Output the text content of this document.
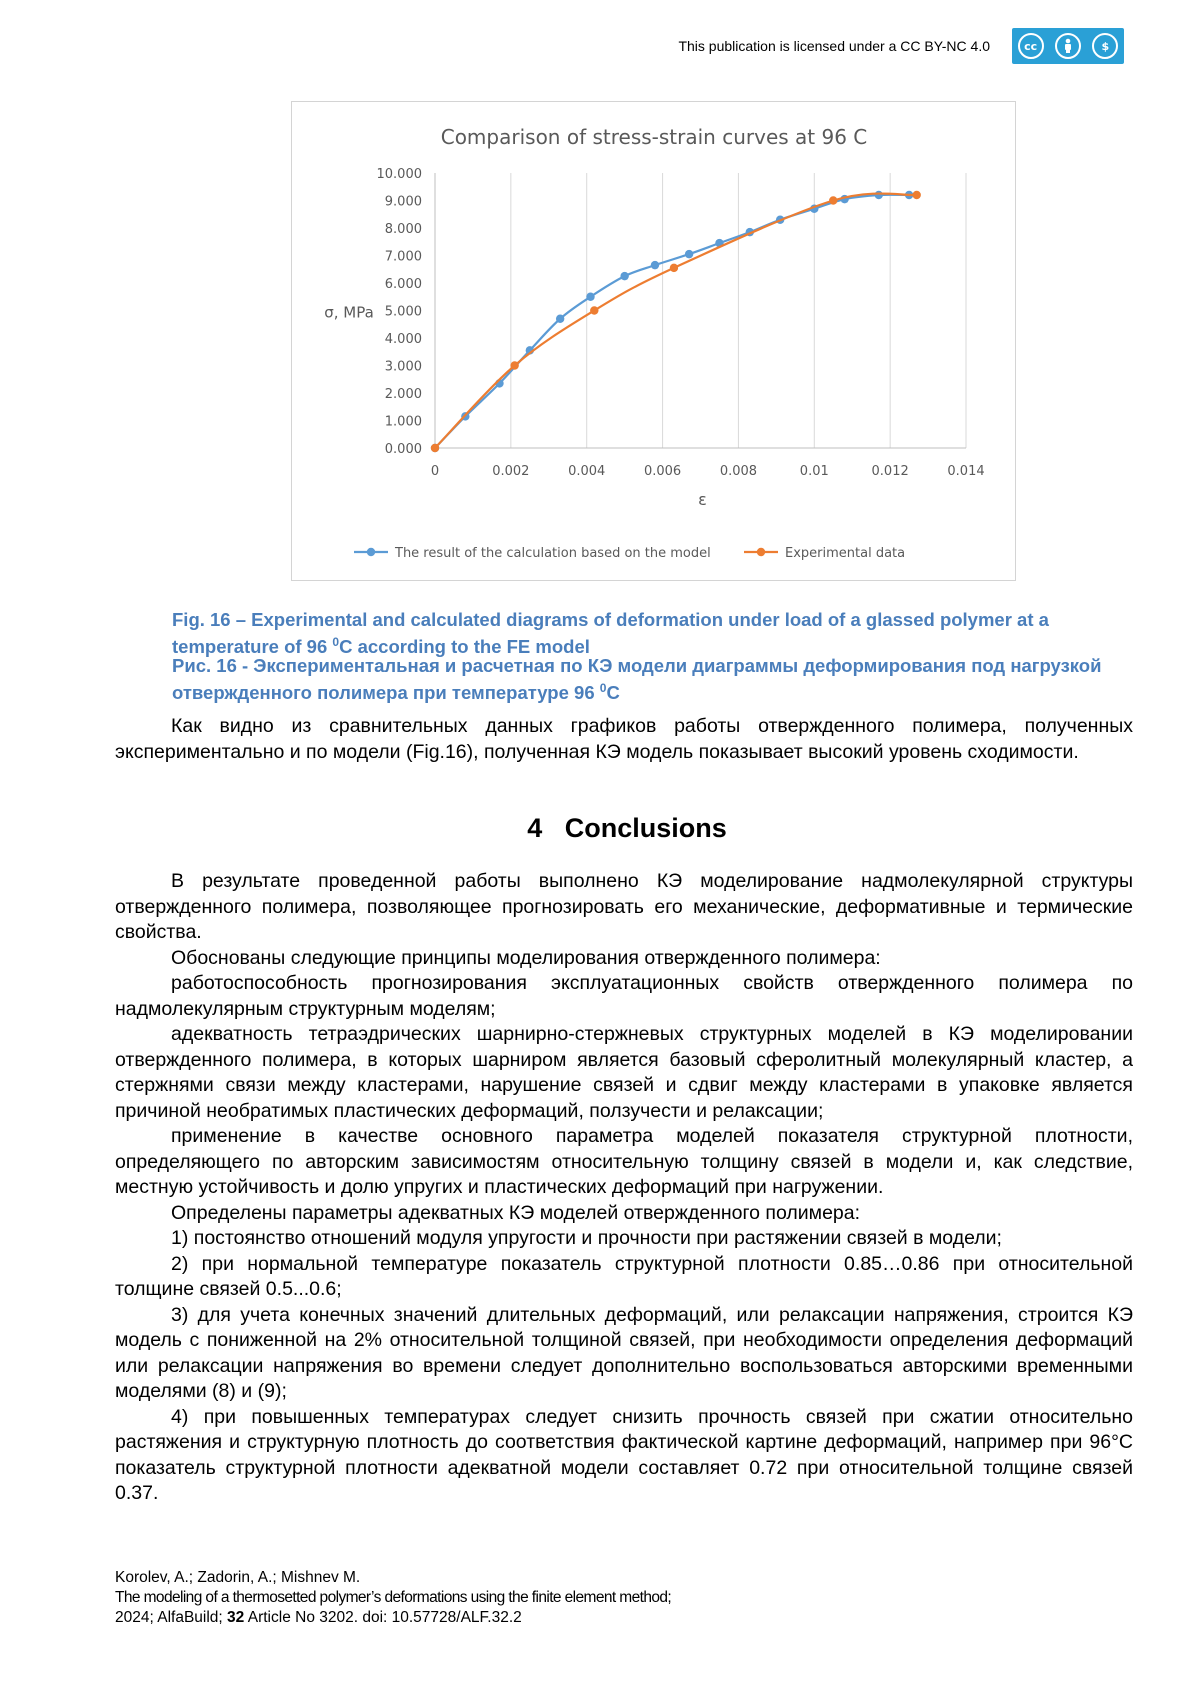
This publication is licensed under a CC BY-NC 4.0	cc	$
Comparison of stress-strain curves at 96 C
0	0.002	0.004	0.006	0.008	0.01	0.012	0.014
0.000
1.000
2.000
3.000
4.000
5.000
6.000
7.000
8.000
9.000
10.000
σ, MPa
ε
The result of the calculation based on the model	Experimental data
Fig. 16 – Experimental and calculated diagrams of deformation under load of a glassed polymer at a temperature of 96 $^0$C according to the FE model
Рис. 16 - Экспериментальная и расчетная по КЭ модели диаграммы деформирования под нагрузкой отвержденного полимера при температуре 96 $^0$С

Как видно из сравнительных данных графиков работы отвержденного полимера, полученных экспериментально и по модели (Fig.16), полученная КЭ модель показывает высокий уровень сходимости.

4 Conclusions

В результате проведенной работы выполнено КЭ моделирование надмолекулярной структуры отвержденного полимера, позволяющее прогнозировать его механические, деформативные и термические свойства.

Обоснованы следующие принципы моделирования отвержденного полимера:

работоспособность прогнозирования эксплуатационных свойств отвержденного полимера по надмолекулярным структурным моделям;

адекватность тетраэдрических шарнирно-стержневых структурных моделей в КЭ моделировании отвержденного полимера, в которых шарниром является базовый сферолитный молекулярный кластер, а стержнями связи между кластерами, нарушение связей и сдвиг между кластерами в упаковке является причиной необратимых пластических деформаций, ползучести и релаксации;

применение в качестве основного параметра моделей показателя структурной плотности, определяющего по авторским зависимостям относительную толщину связей в модели и, как следствие, местную устойчивость и долю упругих и пластических деформаций при нагружении.

Определены параметры адекватных КЭ моделей отвержденного полимера:

1) постоянство отношений модуля упругости и прочности при растяжении связей в модели;

2) при нормальной температуре показатель структурной плотности 0.85…0.86 при относительной толщине связей 0.5...0.6;

3) для учета конечных значений длительных деформаций, или релаксации напряжения, строится КЭ модель с пониженной на 2% относительной толщиной связей, при необходимости определения деформаций или релаксации напряжения во времени следует дополнительно воспользоваться авторскими временными моделями (8) и (9);

4) при повышенных температурах следует снизить прочность связей при сжатии относительно растяжения и структурную плотность до соответствия фактической картине деформаций, например при 96°С показатель структурной плотности адекватной модели составляет 0.72 при относительной толщине связей 0.37.

Korolev, A.; Zadorin, A.; Mishnev M.
The modeling of a thermosetted polymer’s deformations using the finite element method;
2024; AlfaBuild; 32 Article No 3202. doi: 10.57728/ALF.32.2
